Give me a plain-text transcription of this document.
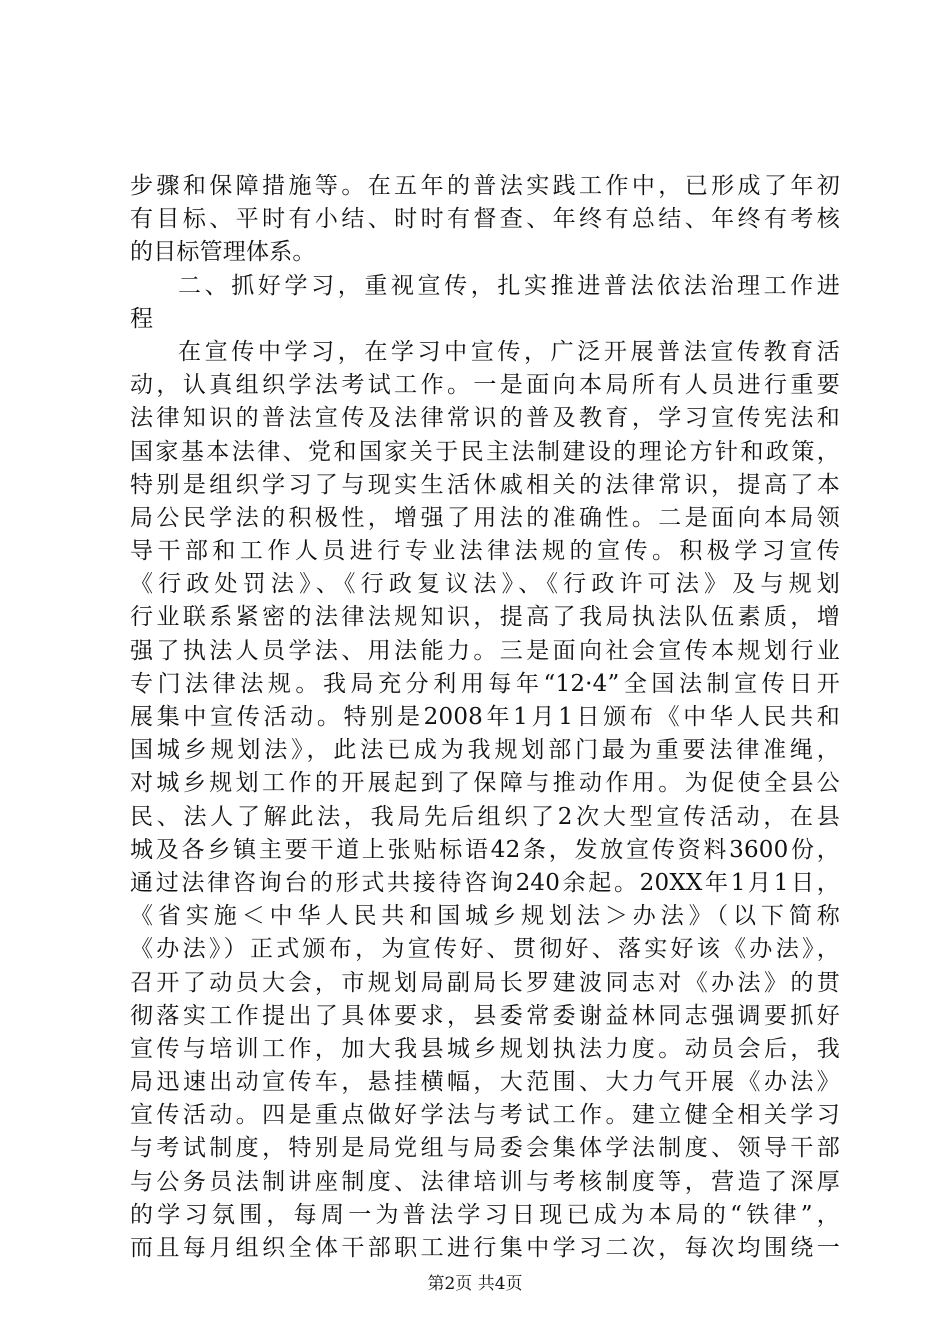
步骤和保障措施等。在五年的普法实践工作中，已形成了年初
有目标、平时有小结、时时有督查、年终有总结、年终有考核
的目标管理体系。
二、抓好学习，重视宣传，扎实推进普法依法治理工作进
程
在宣传中学习，在学习中宣传，广泛开展普法宣传教育活
动，认真组织学法考试工作。一是面向本局所有人员进行重要
法律知识的普法宣传及法律常识的普及教育，学习宣传宪法和
国家基本法律、党和国家关于民主法制建设的理论方针和政策，
特别是组织学习了与现实生活休戚相关的法律常识，提高了本
局公民学法的积极性，增强了用法的准确性。二是面向本局领
导干部和工作人员进行专业法律法规的宣传。积极学习宣传
《行政处罚法》、《行政复议法》、《行政许可法》及与规划
行业联系紧密的法律法规知识，提高了我局执法队伍素质，增
强了执法人员学法、用法能力。三是面向社会宣传本规划行业
专门法律法规。我局充分利用每年“12·4”全国法制宣传日开
展集中宣传活动。特别是2008年1月1日颁布《中华人民共和
国城乡规划法》，此法已成为我规划部门最为重要法律准绳，
对城乡规划工作的开展起到了保障与推动作用。为促使全县公
民、法人了解此法，我局先后组织了2次大型宣传活动，在县
城及各乡镇主要干道上张贴标语42条，发放宣传资料3600份，
通过法律咨询台的形式共接待咨询240余起。20XX年1月1日，
《省实施＜中华人民共和国城乡规划法＞办法》（以下简称
《办法》）正式颁布，为宣传好、贯彻好、落实好该《办法》，
召开了动员大会，市规划局副局长罗建波同志对《办法》的贯
彻落实工作提出了具体要求，县委常委谢益林同志强调要抓好
宣传与培训工作，加大我县城乡规划执法力度。动员会后，我
局迅速出动宣传车，悬挂横幅，大范围、大力气开展《办法》
宣传活动。四是重点做好学法与考试工作。建立健全相关学习
与考试制度，特别是局党组与局委会集体学法制度、领导干部
与公务员法制讲座制度、法律培训与考核制度等，营造了深厚
的学习氛围，每周一为普法学习日现已成为本局的“铁律”，
而且每月组织全体干部职工进行集中学习二次，每次均围绕一
第2页 共4页
